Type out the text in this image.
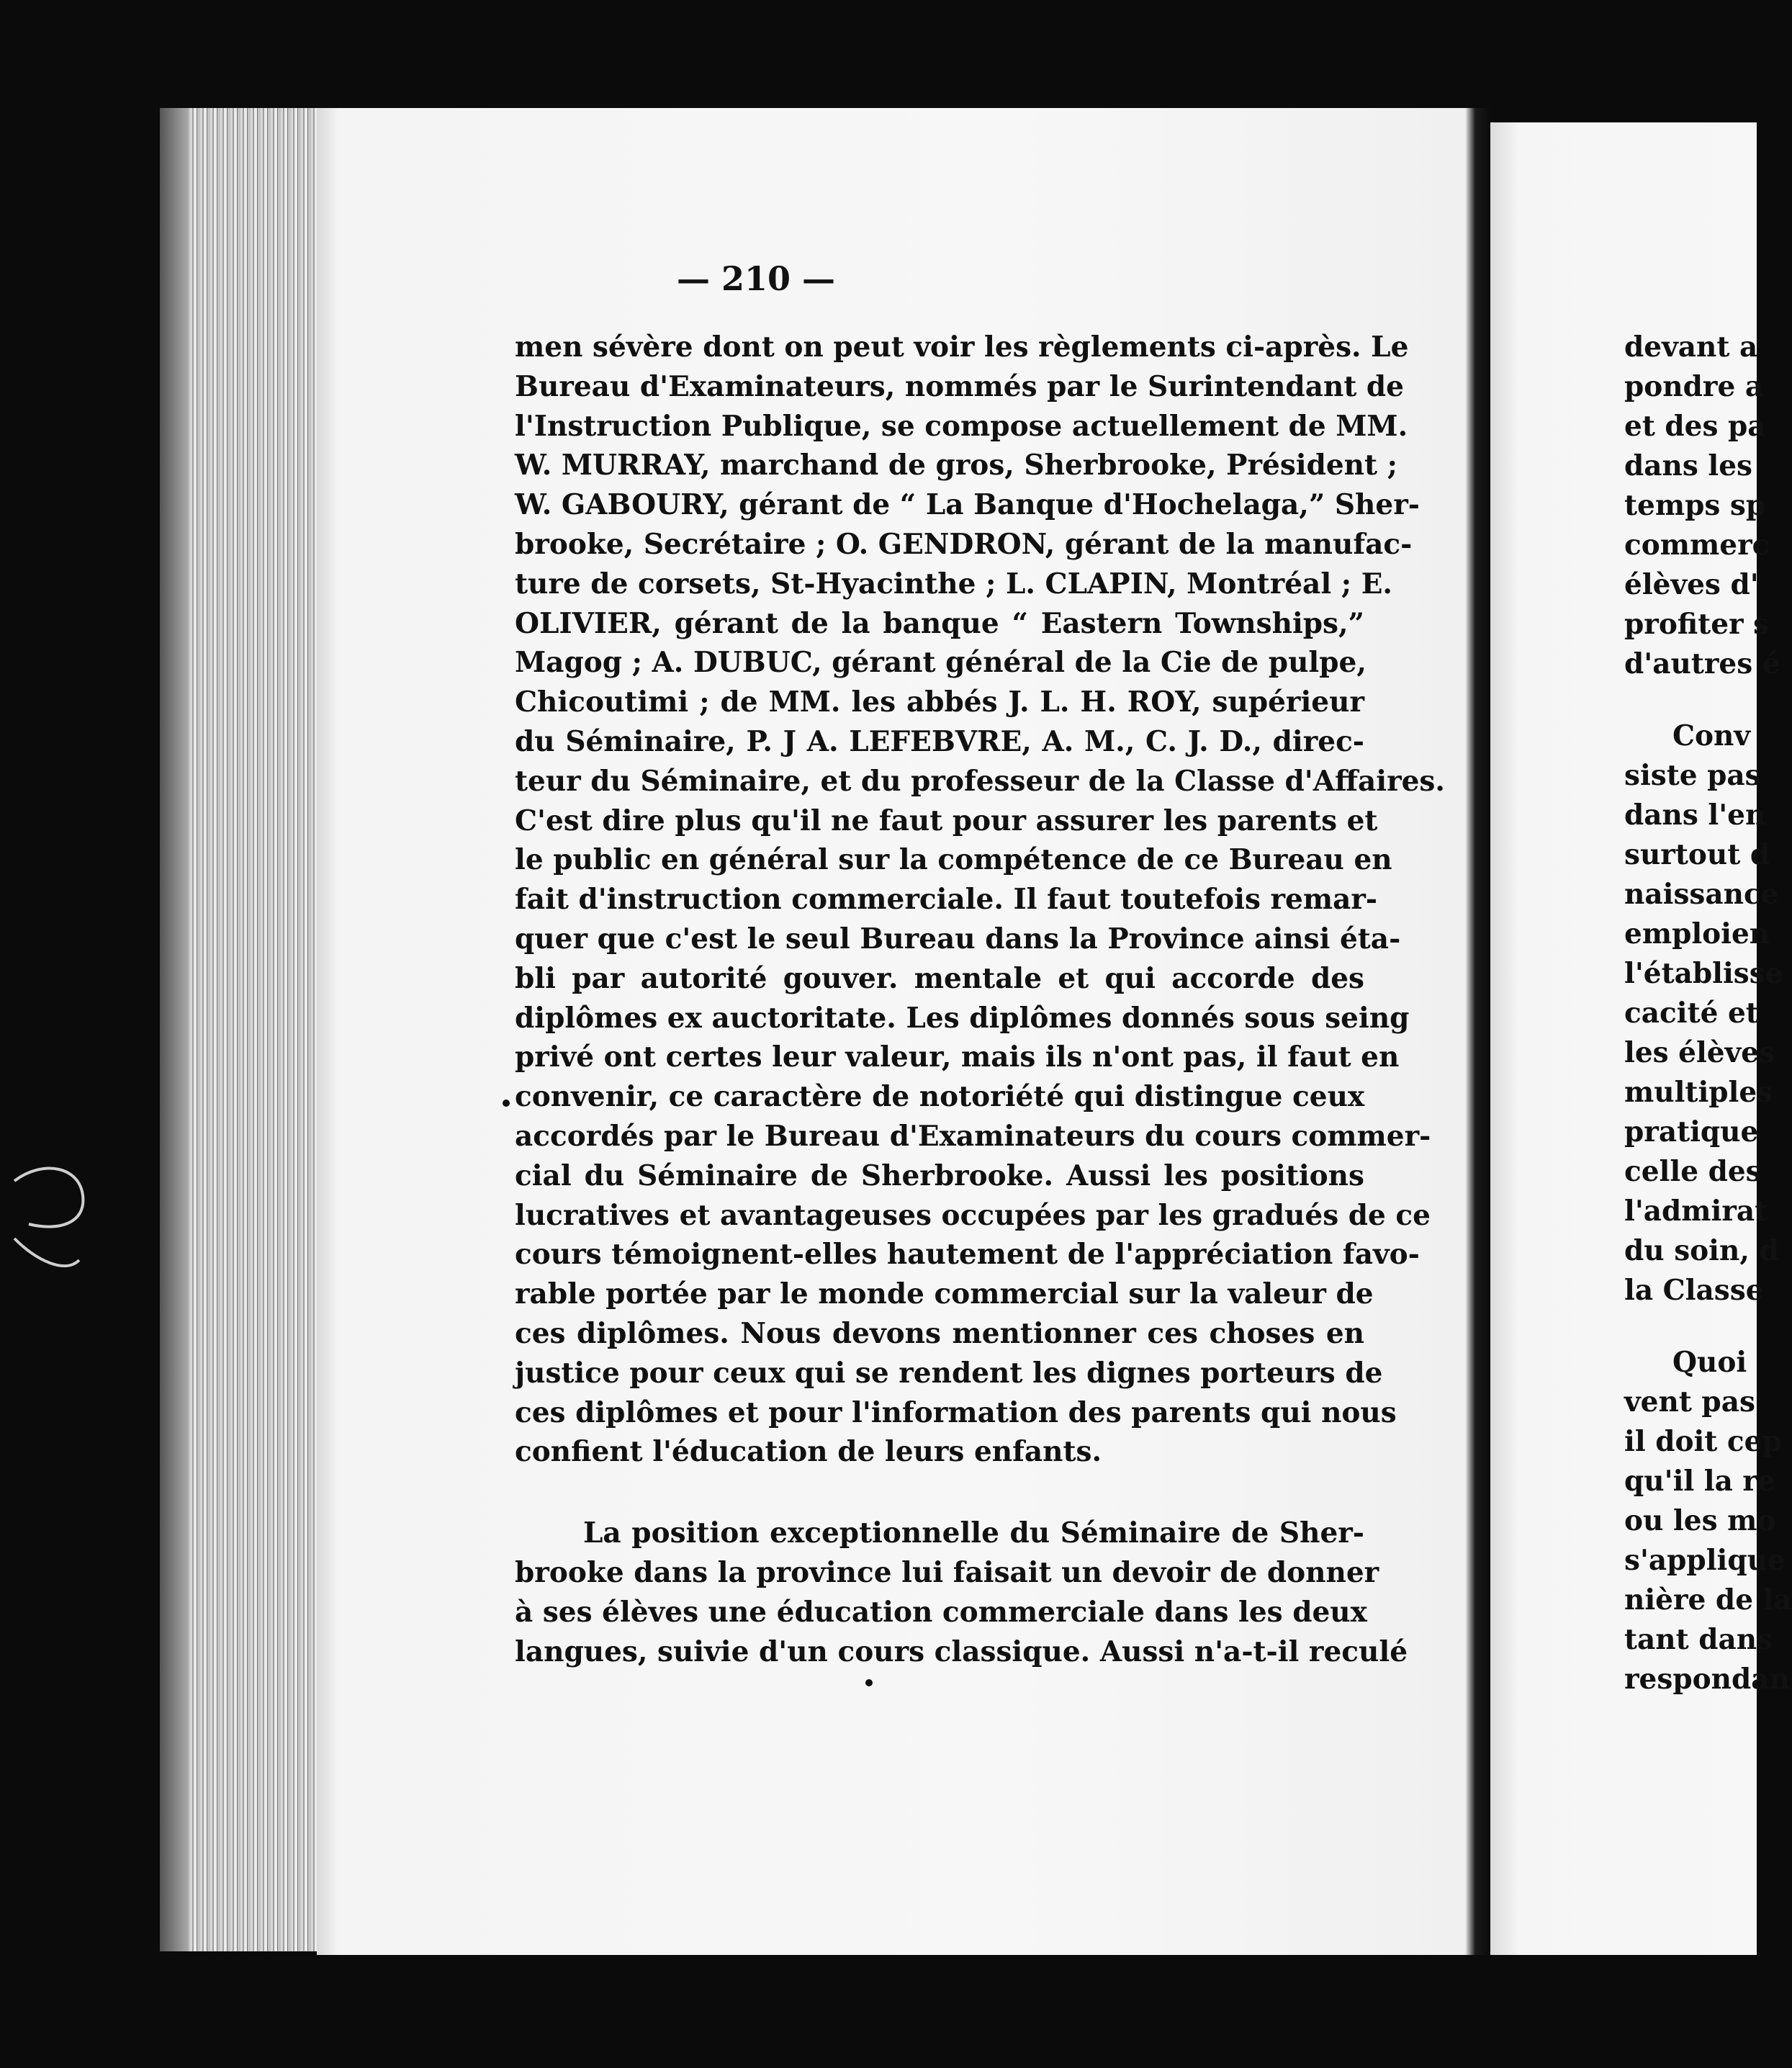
— 210 —
men sévère dont on peut voir les règlements ci-après. Le
Bureau d'Examinateurs, nommés par le Surintendant de
l'Instruction Publique, se compose actuellement de MM.
W. MURRAY, marchand de gros, Sherbrooke, Président ;
W. GABOURY, gérant de “ La Banque d'Hochelaga,” Sher-
brooke, Secrétaire ; O. GENDRON, gérant de la manufac-
ture de corsets, St-Hyacinthe ; L. CLAPIN, Montréal ; E.
OLIVIER, gérant de la banque “ Eastern Townships,”
Magog ; A. DUBUC, gérant général de la Cie de pulpe,
Chicoutimi ; de MM. les abbés J. L. H. ROY, supérieur
du Séminaire, P. J A. LEFEBVRE, A. M., C. J. D., direc-
teur du Séminaire, et du professeur de la Classe d'Affaires.
C'est dire plus qu'il ne faut pour assurer les parents et
le public en général sur la compétence de ce Bureau en
fait d'instruction commerciale. Il faut toutefois remar-
quer que c'est le seul Bureau dans la Province ainsi éta-
bli par autorité gouver. mentale et qui accorde des
diplômes ex auctoritate. Les diplômes donnés sous seing
privé ont certes leur valeur, mais ils n'ont pas, il faut en
convenir, ce caractère de notoriété qui distingue ceux
accordés par le Bureau d'Examinateurs du cours commer-
cial du Séminaire de Sherbrooke. Aussi les positions
lucratives et avantageuses occupées par les gradués de ce
cours témoignent-elles hautement de l'appréciation favo-
rable portée par le monde commercial sur la valeur de
ces diplômes. Nous devons mentionner ces choses en
justice pour ceux qui se rendent les dignes porteurs de
ces diplômes et pour l'information des parents qui nous
confient l'éducation de leurs enfants.
La position exceptionnelle du Séminaire de Sher-
brooke dans la province lui faisait un devoir de donner
à ses élèves une éducation commerciale dans les deux
langues, suivie d'un cours classique. Aussi n'a-t-il reculé
devant a
pondre a
et des pa
dans les
temps sp
commerc
élèves d'
profiter s
d'autres é
Conv
siste pas
dans l'en
surtout d
naissance
emploien
l'établisse
cacité et
les élèves
multiples
pratique
celle des
l'admirat
du soin, d
la Classe
Quoi
vent pas
il doit cep
qu'il la re
ou les mo
s'applique
nière de la
tant dans
respondan
